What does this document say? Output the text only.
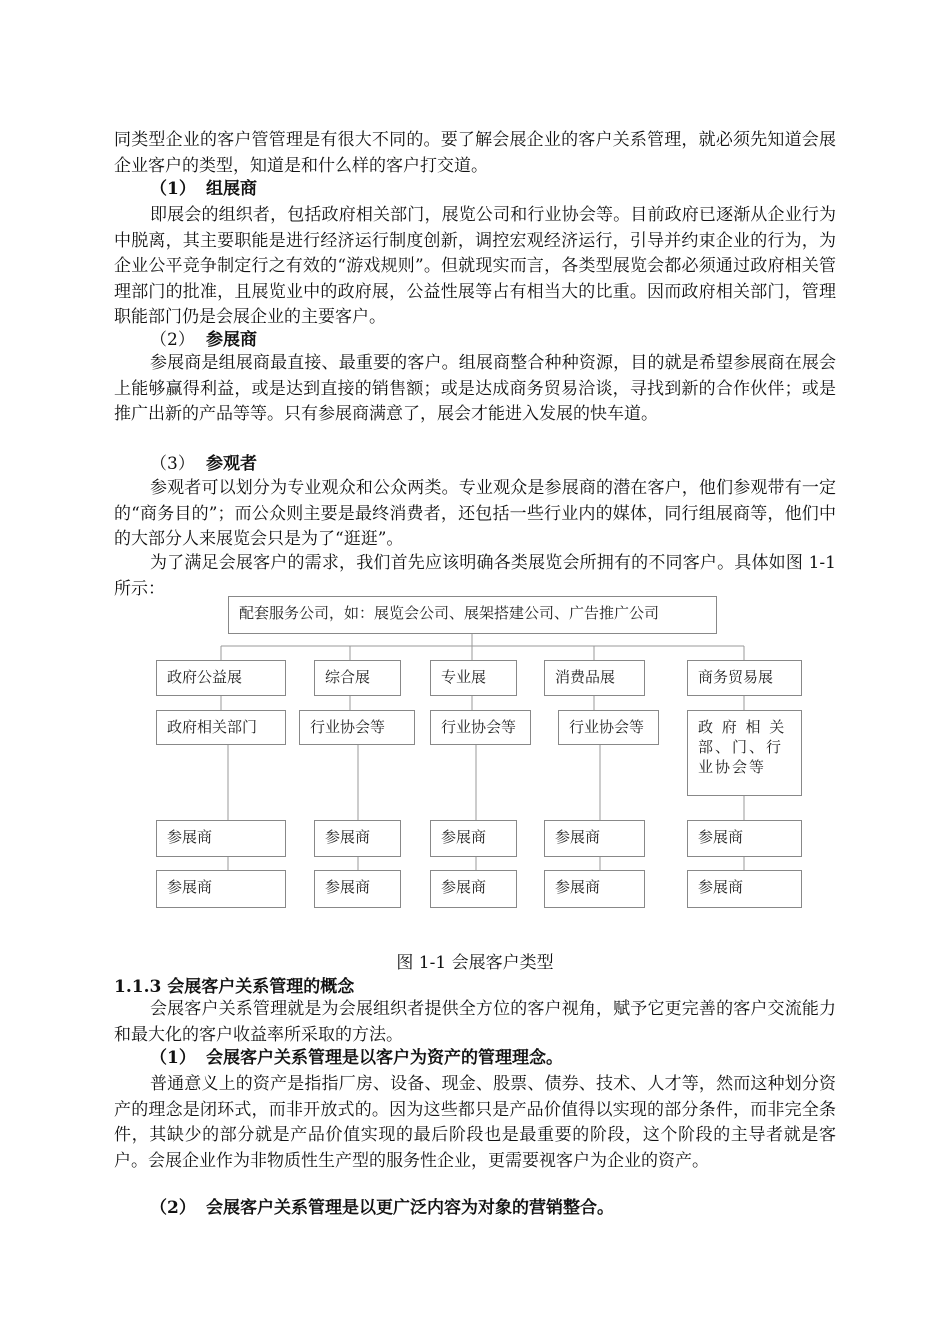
同类型企业的客户管管理是有很大不同的。要了解会展企业的客户关系管理，就必须先知道会展企业客户的类型，知道是和什么样的客户打交道。

（1） 组展商

即展会的组织者，包括政府相关部门，展览公司和行业协会等。目前政府已逐渐从企业行为中脱离，其主要职能是进行经济运行制度创新，调控宏观经济运行，引导并约束企业的行为，为企业公平竞争制定行之有效的“游戏规则”。但就现实而言，各类型展览会都必须通过政府相关管理部门的批准，且展览业中的政府展，公益性展等占有相当大的比重。因而政府相关部门，管理职能部门仍是会展企业的主要客户。

（2） 参展商

参展商是组展商最直接、最重要的客户。组展商整合种种资源，目的就是希望参展商在展会上能够赢得利益，或是达到直接的销售额；或是达成商务贸易洽谈，寻找到新的合作伙伴；或是推广出新的产品等等。只有参展商满意了，展会才能进入发展的快车道。

（3） 参观者

参观者可以划分为专业观众和公众两类。专业观众是参展商的潜在客户，他们参观带有一定的“商务目的”；而公众则主要是最终消费者，还包括一些行业内的媒体，同行组展商等，他们中的大部分人来展览会只是为了“逛逛”。

为了满足会展客户的需求，我们首先应该明确各类展览会所拥有的不同客户。具体如图 1-1 所示：

配套服务公司，如：展览会公司、展架搭建公司、广告推广公司
政府公益展	综合展	专业展	消费品展	商务贸易展
政府相关部门	行业协会等	行业协会等	行业协会等	政 府 相 关 部、门、行 业协会等
参展商	参展商	参展商	参展商	参展商
参展商	参展商	参展商	参展商	参展商
图 1-1 会展客户类型
1.1.3 会展客户关系管理的概念

会展客户关系管理就是为会展组织者提供全方位的客户视角，赋予它更完善的客户交流能力和最大化的客户收益率所采取的方法。

（1） 会展客户关系管理是以客户为资产的管理理念。

普通意义上的资产是指指厂房、设备、现金、股票、债券、技术、人才等，然而这种划分资产的理念是闭环式，而非开放式的。因为这些都只是产品价值得以实现的部分条件，而非完全条件，其缺少的部分就是产品价值实现的最后阶段也是最重要的阶段，这个阶段的主导者就是客户。会展企业作为非物质性生产型的服务性企业，更需要视客户为企业的资产。

（2） 会展客户关系管理是以更广泛内容为对象的营销整合。
